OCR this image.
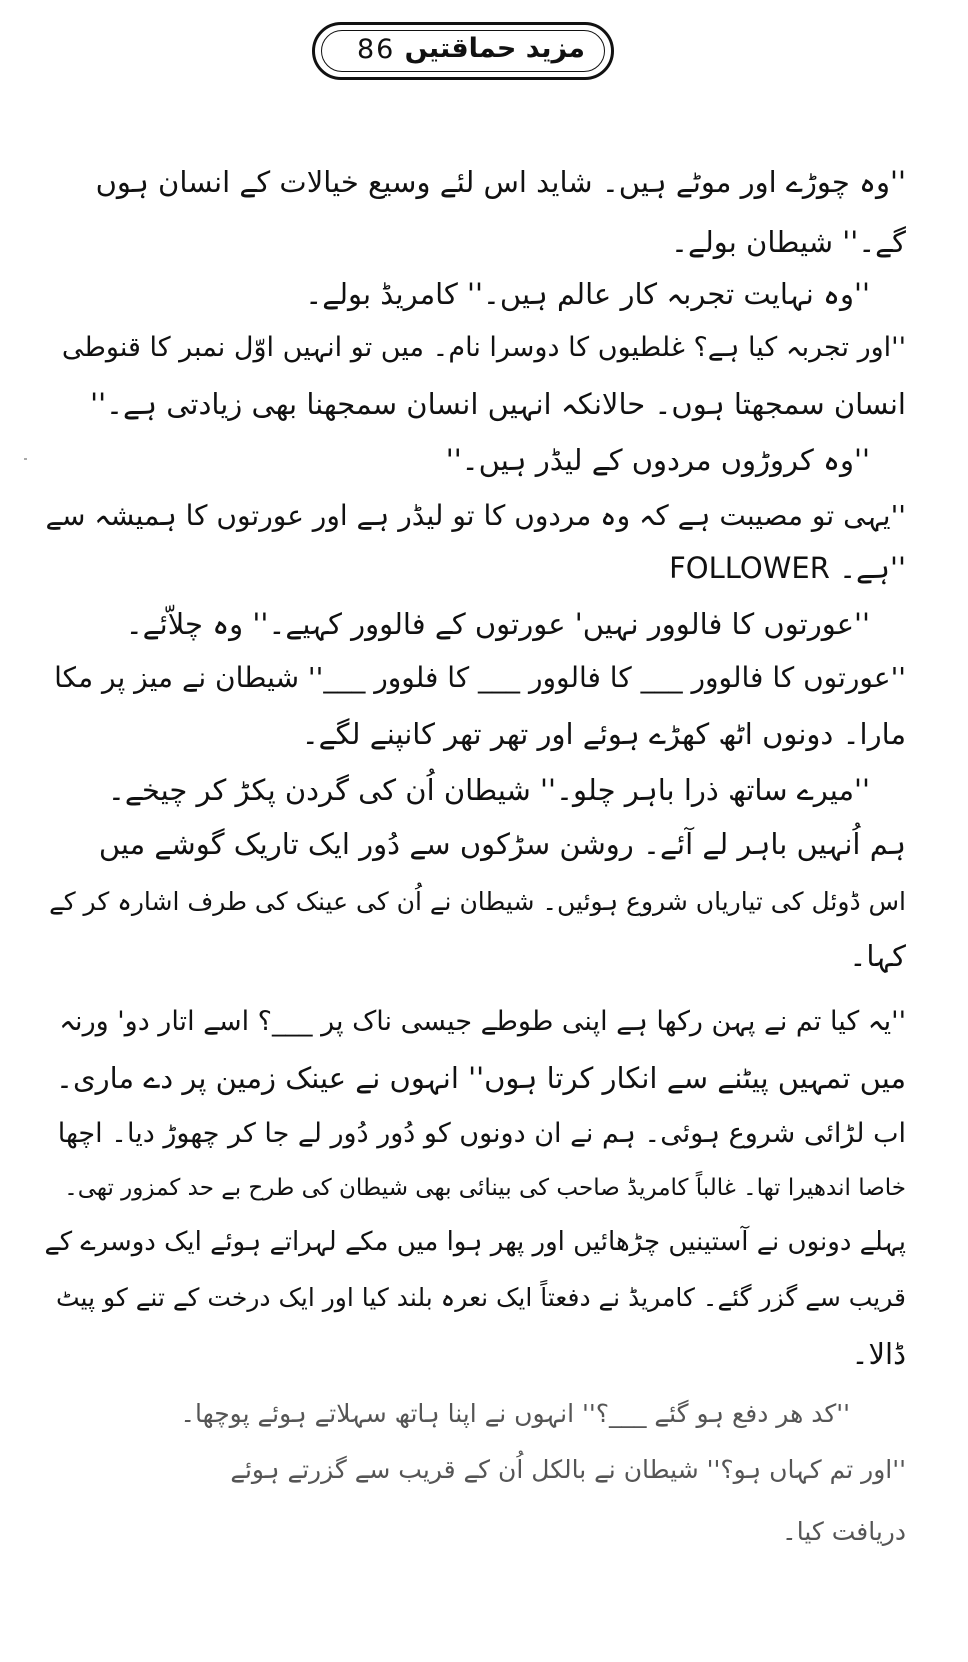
86 مزید حماقتیں
''وہ چوڑے اور موٹے ہیں۔ شاید اس لئے وسیع خیالات کے انسان ہوں
گے۔'' شیطان بولے۔
''وہ نہایت تجربہ کار عالم ہیں۔'' کامریڈ بولے۔
''اور تجربہ کیا ہے؟ غلطیوں کا دوسرا نام۔ میں تو انہیں اوّل نمبر کا قنوطی
انسان سمجھتا ہوں۔ حالانکہ انہیں انسان سمجھنا بھی زیادتی ہے۔''
''وہ کروڑوں مردوں کے لیڈر ہیں۔''
''یہی تو مصیبت ہے کہ وہ مردوں کا تو لیڈر ہے اور عورتوں کا ہمیشہ سے
FOLLOWER ہے۔''
''عورتوں کا فالوور نہیں' عورتوں کے فالوور کہیے۔'' وہ چلاّئے۔
''عورتوں کا فالوور ___ کا فالوور ___ کا فلوور ___'' شیطان نے میز پر مکا
مارا۔ دونوں اٹھ کھڑے ہوئے اور تھر تھر کانپنے لگے۔
''میرے ساتھ ذرا باہر چلو۔'' شیطان اُن کی گردن پکڑ کر چیخے۔
ہم اُنہیں باہر لے آئے۔ روشن سڑکوں سے دُور ایک تاریک گوشے میں
اس ڈوئل کی تیاریاں شروع ہوئیں۔ شیطان نے اُن کی عینک کی طرف اشارہ کر کے
کہا۔
''یہ کیا تم نے پہن رکھا ہے اپنی طوطے جیسی ناک پر ___؟ اسے اتار دو' ورنہ
میں تمہیں پیٹنے سے انکار کرتا ہوں'' انہوں نے عینک زمین پر دے ماری۔
اب لڑائی شروع ہوئی۔ ہم نے ان دونوں کو دُور دُور لے جا کر چھوڑ دیا۔ اچھا
خاصا اندھیرا تھا۔ غالباً کامریڈ صاحب کی بینائی بھی شیطان کی طرح بے حد کمزور تھی۔
پہلے دونوں نے آستینیں چڑھائیں اور پھر ہوا میں مکے لہراتے ہوئے ایک دوسرے کے
قریب سے گزر گئے۔ کامریڈ نے دفعتاً ایک نعرہ بلند کیا اور ایک درخت کے تنے کو پیٹ
ڈالا۔
''کد ھر دفع ہو گئے ___؟'' انہوں نے اپنا ہاتھ سہلاتے ہوئے پوچھا۔
''اور تم کہاں ہو؟'' شیطان نے بالکل اُن کے قریب سے گزرتے ہوئے
دریافت کیا۔
